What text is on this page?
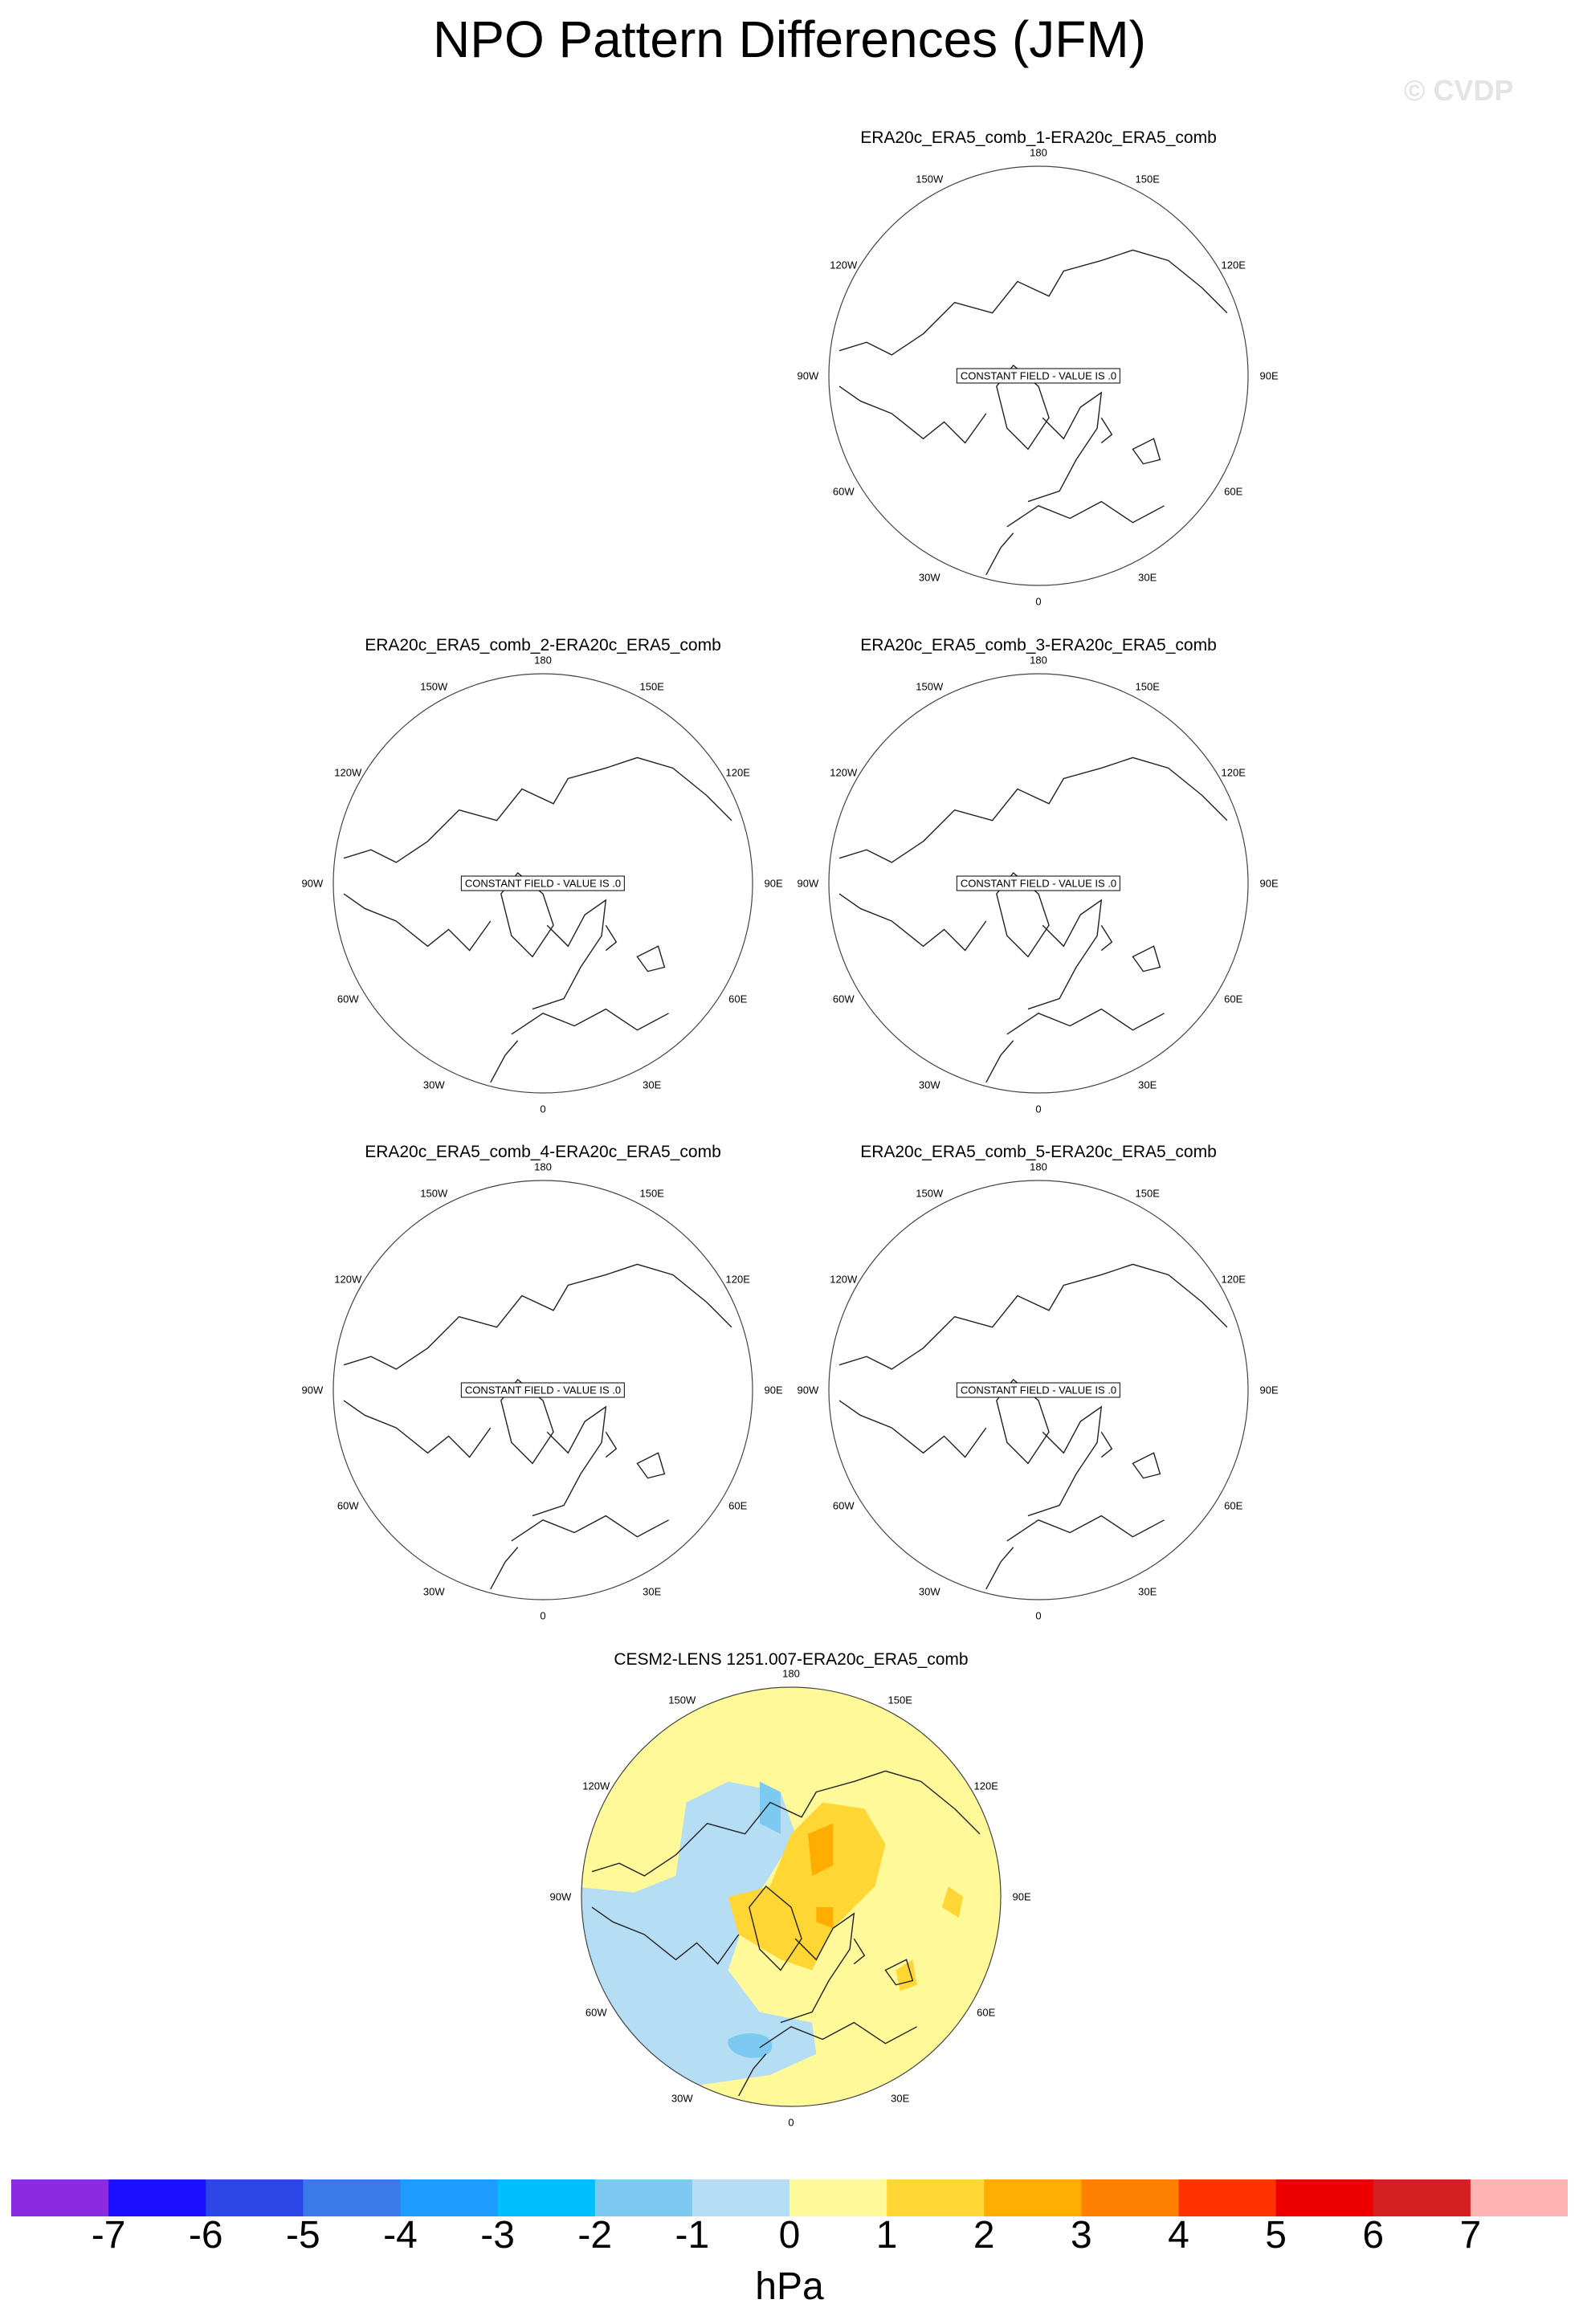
NPO Pattern Differences (JFM)
© CVDP
ERA20c_ERA5_comb_1-ERA20c_ERA5_comb
180
150W	150E
120W	120E
90W	90E
60W	60E
30W	30E
0
CONSTANT FIELD - VALUE IS .0
ERA20c_ERA5_comb_2-ERA20c_ERA5_comb
180
150W	150E
120W	120E
90W	90E
60W	60E
30W	30E
0
CONSTANT FIELD - VALUE IS .0
ERA20c_ERA5_comb_3-ERA20c_ERA5_comb
180
150W	150E
120W	120E
90W	90E
60W	60E
30W	30E
0
CONSTANT FIELD - VALUE IS .0
ERA20c_ERA5_comb_4-ERA20c_ERA5_comb
180
150W	150E
120W	120E
90W	90E
60W	60E
30W	30E
0
CONSTANT FIELD - VALUE IS .0
ERA20c_ERA5_comb_5-ERA20c_ERA5_comb
180
150W	150E
120W	120E
90W	90E
60W	60E
30W	30E
0
CONSTANT FIELD - VALUE IS .0
CESM2-LENS 1251.007-ERA20c_ERA5_comb
180
150W	150E
120W	120E
90W	90E
60W	60E
30W	30E
0
-7 -6 -5 -4 -3 -2 -1 0 1 2 3 4 5 6 7
hPa
